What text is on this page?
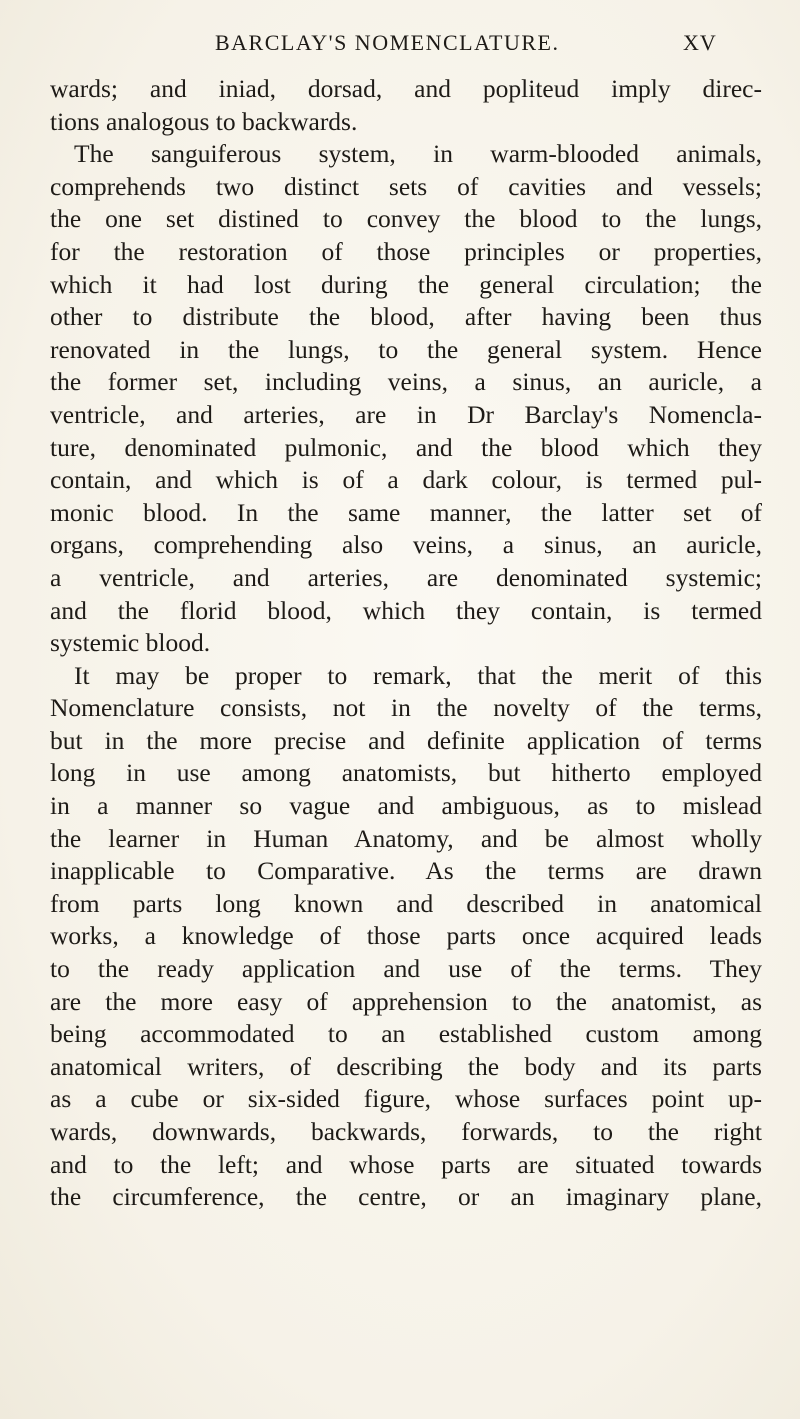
BARCLAY'S NOMENCLATURE.	XV
wards; and iniad, dorsad, and popliteud imply direc-
tions analogous to backwards.
The sanguiferous system, in warm-blooded animals,
comprehends two distinct sets of cavities and vessels;
the one set distined to convey the blood to the lungs,
for the restoration of those principles or properties,
which it had lost during the general circulation; the
other to distribute the blood, after having been thus
renovated in the lungs, to the general system. Hence
the former set, including veins, a sinus, an auricle, a
ventricle, and arteries, are in Dr Barclay's Nomencla-
ture, denominated pulmonic, and the blood which they
contain, and which is of a dark colour, is termed pul-
monic blood. In the same manner, the latter set of
organs, comprehending also veins, a sinus, an auricle,
a ventricle, and arteries, are denominated systemic;
and the florid blood, which they contain, is termed
systemic blood.
It may be proper to remark, that the merit of this
Nomenclature consists, not in the novelty of the terms,
but in the more precise and definite application of terms
long in use among anatomists, but hitherto employed
in a manner so vague and ambiguous, as to mislead
the learner in Human Anatomy, and be almost wholly
inapplicable to Comparative. As the terms are drawn
from parts long known and described in anatomical
works, a knowledge of those parts once acquired leads
to the ready application and use of the terms. They
are the more easy of apprehension to the anatomist, as
being accommodated to an established custom among
anatomical writers, of describing the body and its parts
as a cube or six-sided figure, whose surfaces point up-
wards, downwards, backwards, forwards, to the right
and to the left; and whose parts are situated towards
the circumference, the centre, or an imaginary plane,
